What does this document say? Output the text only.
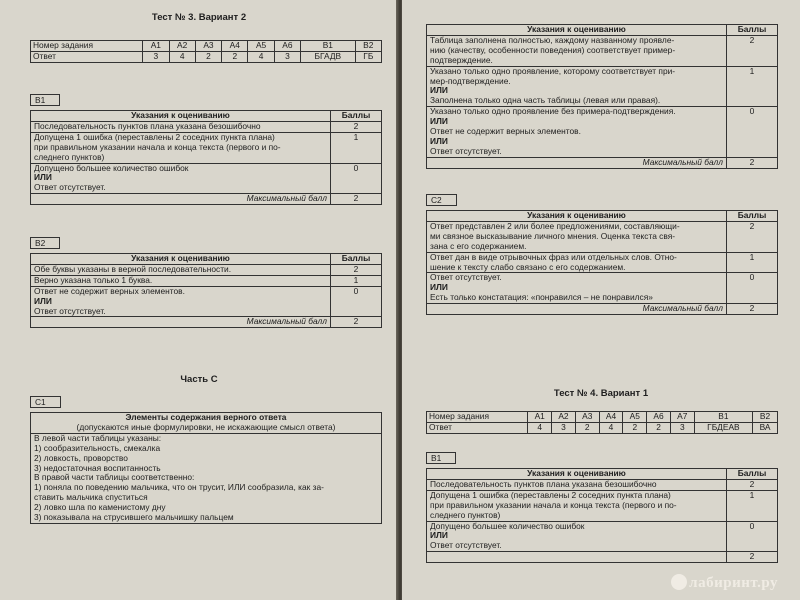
Тест № 3. Вариант 2
Номер задания	А1	А2	А3	А4	А5	А6	В1	В2
Ответ	3	4	2	2	4	3	БГАДВ	ГБ
В1
Указания к оцениванию	Баллы

Последовательность пунктов плана указана безошибочно	2

Допущена 1 ошибка (переставлены 2 соседних пункта плана)
при правильном указании начала и конца текста (первого и по-
следнего пунктов)	1

Допущено большее количество ошибок
ИЛИ
Ответ отсутствует.	0
Максимальный балл	2
В2
Указания к оцениванию	Баллы

Обе буквы указаны в верной последовательности.	2

Верно указана только 1 буква.	1

Ответ не содержит верных элементов.
ИЛИ
Ответ отсутствует.	0
Максимальный балл	2
Часть С
С1
Элементы содержания верного ответа
(допускаются иные формулировки, не искажающие смысл ответа)

В левой части таблицы указаны:
1) сообразительность, смекалка
2) ловкость, проворство
3) недостаточная воспитанность
В правой части таблицы соответственно:
1) поняла по поведению мальчика, что он трусит, ИЛИ сообразила, как за-
ставить мальчика спуститься
2) ловко шла по каменистому дну
3) показывала на струсившего мальчишку пальцем
Указания к оцениванию	Баллы

Таблица заполнена полностью, каждому названному проявле-
нию (качеству, особенности поведения) соответствует пример-
подтверждение.	2

Указано только одно проявление, которому соответствует при-
мер-подтверждение.
ИЛИ
Заполнена только одна часть таблицы (левая или правая).	1

Указано только одно проявление без примера-подтверждения.
ИЛИ
Ответ не содержит верных элементов.
ИЛИ
Ответ отсутствует.	0
Максимальный балл	2
С2
Указания к оцениванию	Баллы

Ответ представлен 2 или более предложениями, составляющи-
ми связное высказывание личного мнения. Оценка текста свя-
зана с его содержанием.	2

Ответ дан в виде отрывочных фраз или отдельных слов. Отно-
шение к тексту слабо связано с его содержанием.	1

Ответ отсутствует.
ИЛИ
Есть только констатация: «понравился – не понравился»	0
Максимальный балл	2
Тест № 4. Вариант 1
Номер задания	А1	А2	А3	А4	А5	А6	А7	В1	В2
Ответ	4	3	2	4	2	2	3	ГБДЕАВ	ВА
В1
Указания к оцениванию	Баллы

Последовательность пунктов плана указана безошибочно	2

Допущена 1 ошибка (переставлены 2 соседних пункта плана)
при правильном указании начала и конца текста (первого и по-
следнего пунктов)	1

Допущено большее количество ошибок
ИЛИ
Ответ отсутствует.	0
	2
лабиринт.ру
